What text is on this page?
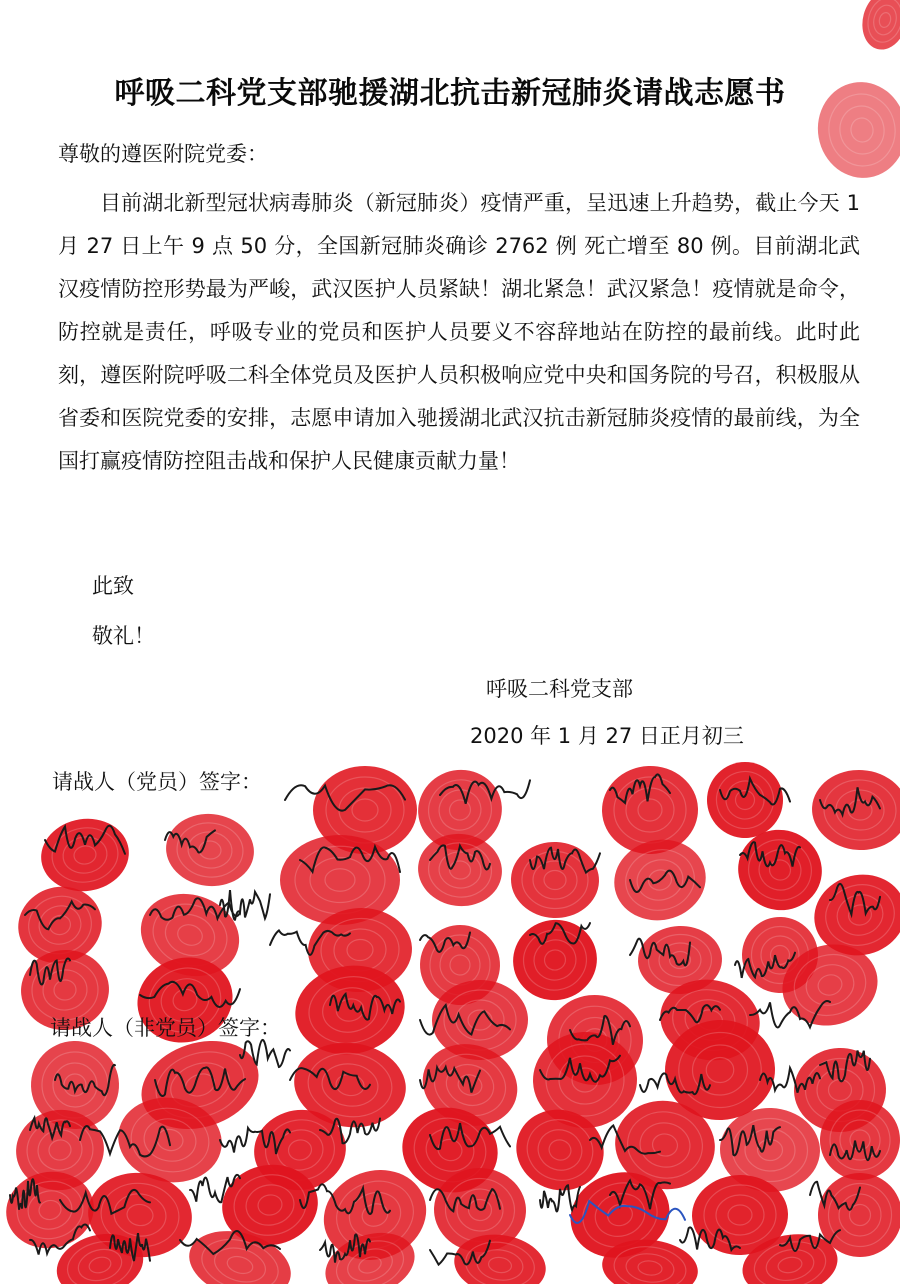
呼吸二科党支部驰援湖北抗击新冠肺炎请战志愿书
尊敬的遵医附院党委：
目前湖北新型冠状病毒肺炎（新冠肺炎）疫情严重，呈迅速上升趋势，截止今天 1 月 27 日上午 9 点 50 分，全国新冠肺炎确诊 2762 例 死亡增至 80 例。目前湖北武汉疫情防控形势最为严峻，武汉医护人员紧缺！湖北紧急！武汉紧急！疫情就是命令，防控就是责任，呼吸专业的党员和医护人员要义不容辞地站在防控的最前线。此时此刻，遵医附院呼吸二科全体党员及医护人员积极响应党中央和国务院的号召，积极服从省委和医院党委的安排，志愿申请加入驰援湖北武汉抗击新冠肺炎疫情的最前线，为全国打赢疫情防控阻击战和保护人民健康贡献力量！
此致
敬礼！
呼吸二科党支部
2020 年 1 月 27 日正月初三
请战人（党员）签字：
请战人（非党员）签字：
